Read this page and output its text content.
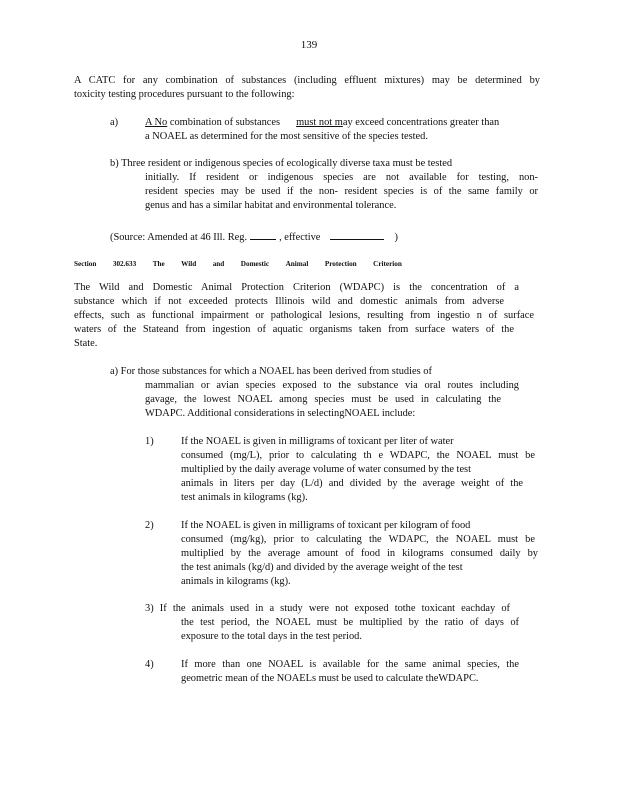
139
A CATC for any combination of substances (including effluent mixtures) may be determined by
toxicity testing procedures pursuant to the following:
a)	A No combination of substances must not may exceed concentrations greater than
a NOAEL as determined for the most sensitive of the species tested.
b) Three resident or indigenous species of ecologically diverse taxa must be tested
initially. If resident or indigenous species are not available for testing, non-
resident species may be used if the non- resident species is of the same family or
genus and has a similar habitat and environmental tolerance.
(Source: Amended at 46 Ill. Reg.	, effective	)
Section 302.633 The Wild and Domestic Animal Protection Criterion
The Wild and Domestic Animal Protection Criterion (WDAPC) is the concentration of a
substance which if not exceeded protects Illinois wild and domestic animals from adverse
effects, such as functional impairment or pathological lesions, resulting from ingestio n of surface
waters of the Stateand from ingestion of aquatic organisms taken from surface waters of the
State.
a) For those substances for which a NOAEL has been derived from studies of
mammalian or avian species exposed to the substance via oral routes including
gavage, the lowest NOAEL among species must be used in calculating the
WDAPC. Additional considerations in selectingNOAEL include:
1)	If the NOAEL is given in milligrams of toxicant per liter of water
consumed (mg/L), prior to calculating th e WDAPC, the NOAEL must be
multiplied by the daily average volume of water consumed by the test
animals in liters per day (L/d) and divided by the average weight of the
test animals in kilograms (kg).
2)	If the NOAEL is given in milligrams of toxicant per kilogram of food
consumed (mg/kg), prior to calculating the WDAPC, the NOAEL must be
multiplied by the average amount of food in kilograms consumed daily by
the test animals (kg/d) and divided by the average weight of the test
animals in kilograms (kg).
3) If the animals used in a study were not exposed tothe toxicant eachday of
the test period, the NOAEL must be multiplied by the ratio of days of
exposure to the total days in the test period.
4)	If more than one NOAEL is available for the same animal species, the
geometric mean of the NOAELs must be used to calculate theWDAPC.
